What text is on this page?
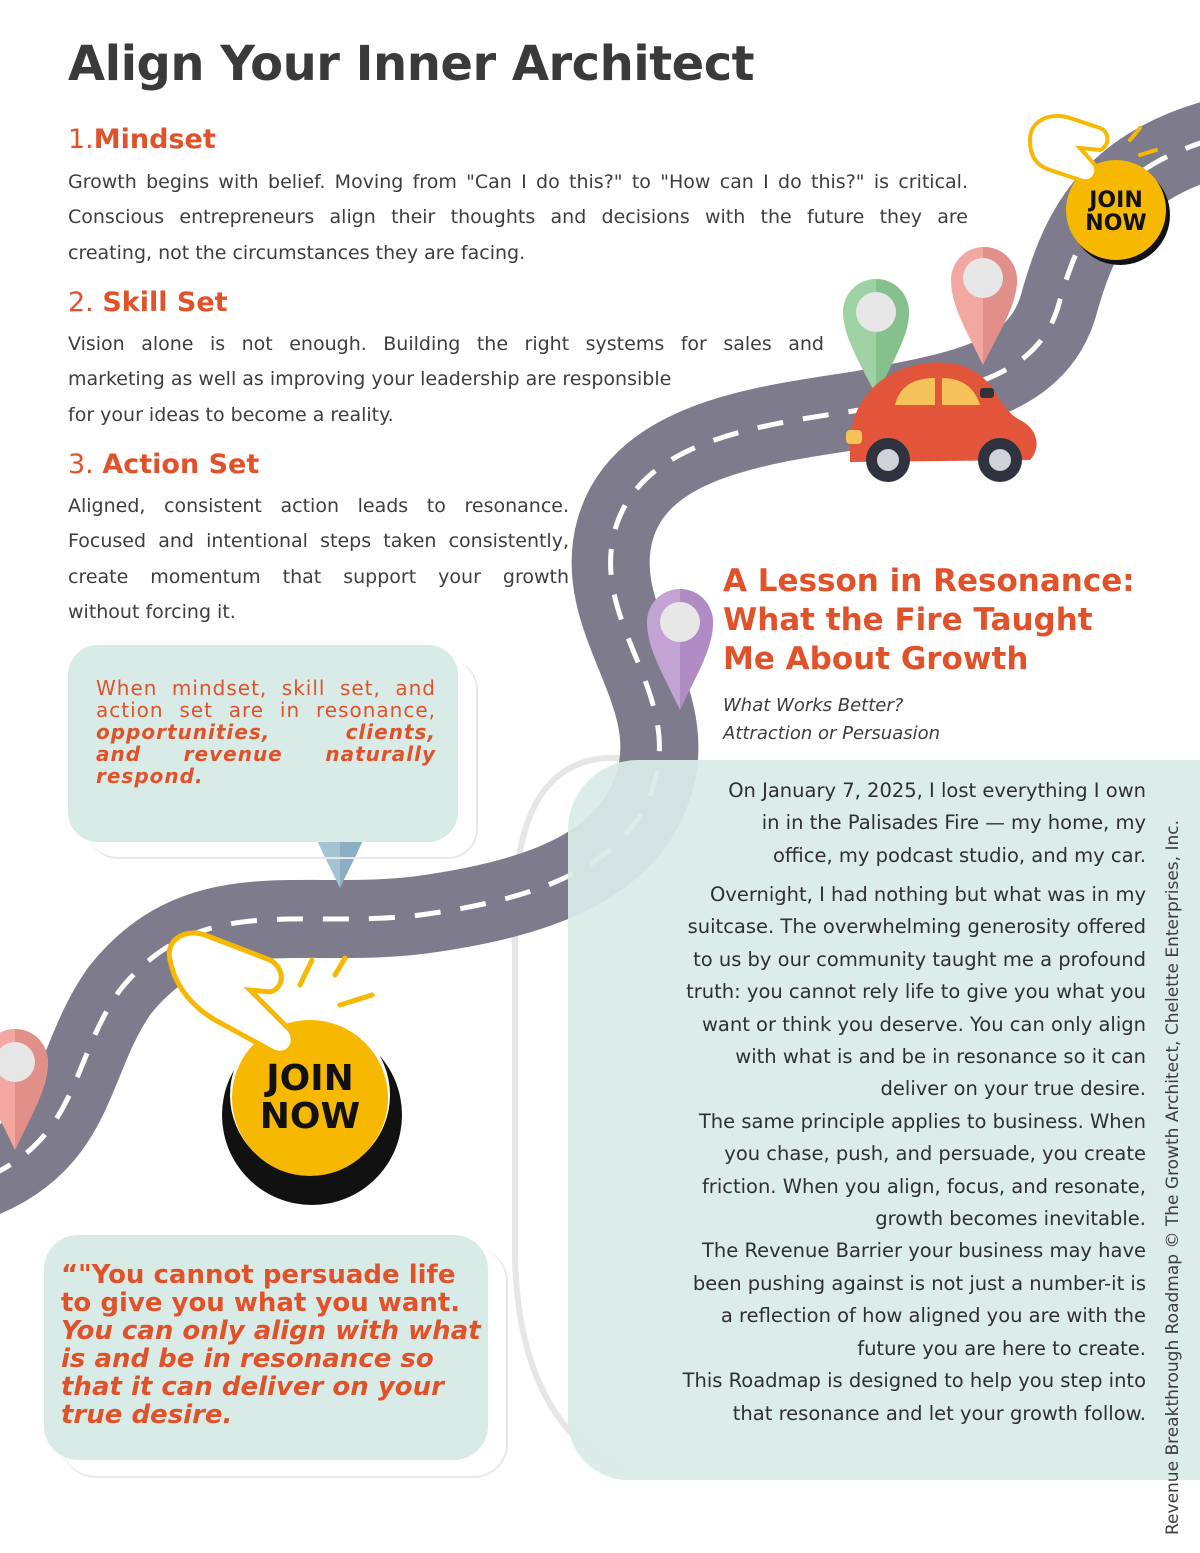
Align Your Inner Architect
1.Mindset

Growth begins with belief. Moving from "Can I do this?" to "How can I do this?" is critical.
Conscious entrepreneurs align their thoughts and decisions with the future they are
creating, not the circumstances they are facing.

2. Skill Set

Vision alone is not enough. Building the right systems for sales and
marketing as well as improving your leadership are responsible
for your ideas to become a reality.

3. Action Set

Aligned, consistent action leads to resonance.
Focused and intentional steps taken consistently,
create momentum that support your growth
without forcing it.

When mindset, skill set, and
action set are in resonance,
opportunities, clients,
and revenue naturally
respond.
“"You cannot persuade life to give you what you want. You can only align with what is and be in resonance so that it can deliver on your true desire.
A Lesson in Resonance:
What the Fire Taught
Me About Growth
What Works Better?
Attraction or Persuasion
On January 7, 2025, I lost everything I own
in in the Palisades Fire — my home, my
office, my podcast studio, and my car.
Overnight, I had nothing but what was in my
suitcase. The overwhelming generosity offered
to us by our community taught me a profound
truth: you cannot rely life to give you what you
want or think you deserve. You can only align
with what is and be in resonance so it can
deliver on your true desire.
The same principle applies to business. When
you chase, push, and persuade, you create
friction. When you align, focus, and resonate,
growth becomes inevitable.
The Revenue Barrier your business may have
been pushing against is not just a number-it is
a reflection of how aligned you are with the
future you are here to create.
This Roadmap is designed to help you step into
that resonance and let your growth follow.
JOIN
NOW
JOIN
NOW	Revenue Breakthrough Roadmap © The Growth Architect, Chelette Enterprises, Inc.
